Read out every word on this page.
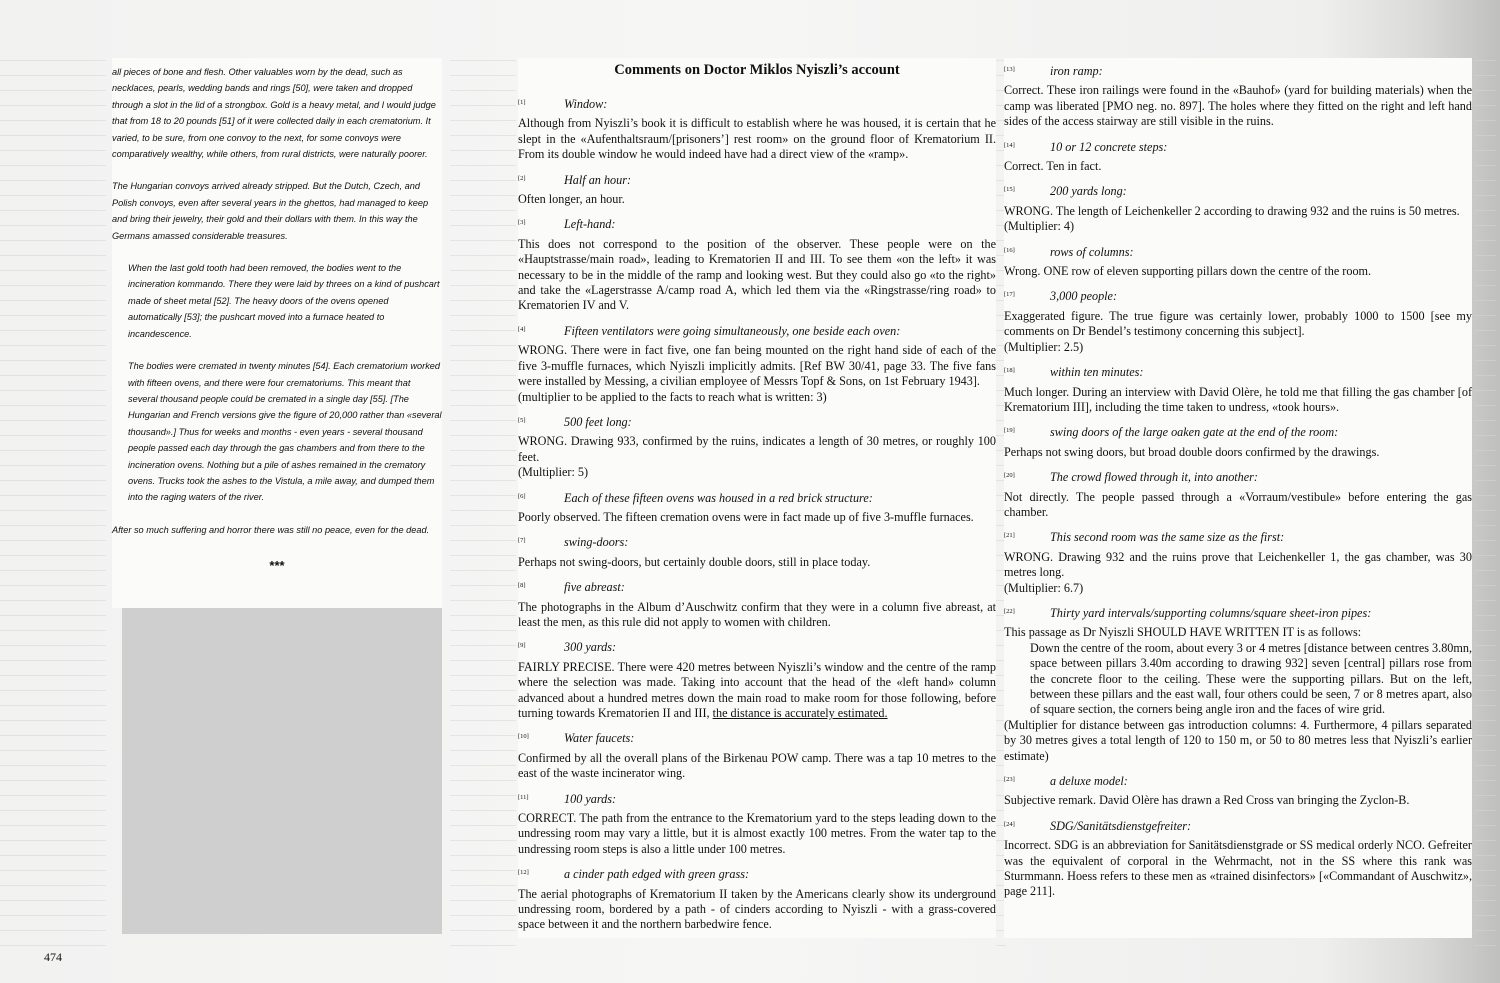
all pieces of bone and flesh. Other valuables worn by the dead, such as necklaces, pearls, wedding bands and rings [50], were taken and dropped through a slot in the lid of a strongbox. Gold is a heavy metal, and I would judge that from 18 to 20 pounds [51] of it were collected daily in each crematorium. It varied, to be sure, from one convoy to the next, for some convoys were comparatively wealthy, while others, from rural districts, were naturally poorer.

The Hungarian convoys arrived already stripped. But the Dutch, Czech, and Polish convoys, even after several years in the ghettos, had managed to keep and bring their jewelry, their gold and their dollars with them. In this way the Germans amassed considerable treasures.

When the last gold tooth had been removed, the bodies went to the incineration kommando. There they were laid by threes on a kind of pushcart made of sheet metal [52]. The heavy doors of the ovens opened automatically [53]; the pushcart moved into a furnace heated to incandescence.

The bodies were cremated in twenty minutes [54]. Each crematorium worked with fifteen ovens, and there were four crematoriums. This meant that several thousand people could be cremated in a single day [55]. [The Hungarian and French versions give the figure of 20,000 rather than «several thousand».] Thus for weeks and months - even years - several thousand people passed each day through the gas chambers and from there to the incineration ovens. Nothing but a pile of ashes remained in the crematory ovens. Trucks took the ashes to the Vistula, a mile away, and dumped them into the raging waters of the river.

After so much suffering and horror there was still no peace, even for the dead.

***
Comments on Doctor Miklos Nyiszli’s account
[1]	Window:

Although from Nyiszli’s book it is difficult to establish where he was housed, it is certain that he slept in the «Aufenthaltsraum/[prisoners’] rest room» on the ground floor of Krematorium II. From its double window he would indeed have had a direct view of the «ramp».

[2]	Half an hour:

Often longer, an hour.

[3]	Left-hand:

This does not correspond to the position of the observer. These people were on the «Hauptstrasse/main road», leading to Krematorien II and III. To see them «on the left» it was necessary to be in the middle of the ramp and looking west. But they could also go «to the right» and take the «Lagerstrasse A/camp road A, which led them via the «Ringstrasse/ring road» to Krematorien IV and V.

[4]	Fifteen ventilators were going simultaneously, one beside each oven:

WRONG. There were in fact five, one fan being mounted on the right hand side of each of the five 3-muffle furnaces, which Nyiszli implicitly admits. [Ref BW 30/41, page 33. The five fans were installed by Messing, a civilian employee of Messrs Topf & Sons, on 1st February 1943].

(multiplier to be applied to the facts to reach what is written: 3)

[5]	500 feet long:

WRONG. Drawing 933, confirmed by the ruins, indicates a length of 30 metres, or roughly 100 feet.

(Multiplier: 5)

[6]	Each of these fifteen ovens was housed in a red brick structure:

Poorly observed. The fifteen cremation ovens were in fact made up of five 3-muffle furnaces.

[7]	swing-doors:

Perhaps not swing-doors, but certainly double doors, still in place today.

[8]	five abreast:

The photographs in the Album d’Auschwitz confirm that they were in a column five abreast, at least the men, as this rule did not apply to women with children.

[9]	300 yards:

FAIRLY PRECISE. There were 420 metres between Nyiszli’s window and the centre of the ramp where the selection was made. Taking into account that the head of the «left hand» column advanced about a hundred metres down the main road to make room for those following, before turning towards Krematorien II and III, the distance is accurately estimated.

[10]	Water faucets:

Confirmed by all the overall plans of the Birkenau POW camp. There was a tap 10 metres to the east of the waste incinerator wing.

[11]	100 yards:

CORRECT. The path from the entrance to the Krematorium yard to the steps leading down to the undressing room may vary a little, but it is almost exactly 100 metres. From the water tap to the undressing room steps is also a little under 100 metres.

[12]	a cinder path edged with green grass:

The aerial photographs of Krematorium II taken by the Americans clearly show its underground undressing room, bordered by a path - of cinders according to Nyiszli - with a grass-covered space between it and the northern barbedwire fence.

[13]	iron ramp:

Correct. These iron railings were found in the «Bauhof» (yard for building materials) when the camp was liberated [PMO neg. no. 897]. The holes where they fitted on the right and left hand sides of the access stairway are still visible in the ruins.

[14]	10 or 12 concrete steps:

Correct. Ten in fact.

[15]	200 yards long:

WRONG. The length of Leichenkeller 2 according to drawing 932 and the ruins is 50 metres.

(Multiplier: 4)

[16]	rows of columns:

Wrong. ONE row of eleven supporting pillars down the centre of the room.

[17]	3,000 people:

Exaggerated figure. The true figure was certainly lower, probably 1000 to 1500 [see my comments on Dr Bendel’s testimony concerning this subject].

(Multiplier: 2.5)

[18]	within ten minutes:

Much longer. During an interview with David Olère, he told me that filling the gas chamber [of Krematorium III], including the time taken to undress, «took hours».

[19]	swing doors of the large oaken gate at the end of the room:

Perhaps not swing doors, but broad double doors confirmed by the drawings.

[20]	The crowd flowed through it, into another:

Not directly. The people passed through a «Vorraum/vestibule» before entering the gas chamber.

[21]	This second room was the same size as the first:

WRONG. Drawing 932 and the ruins prove that Leichenkeller 1, the gas chamber, was 30 metres long.

(Multiplier: 6.7)

[22]	Thirty yard intervals/supporting columns/square sheet-iron pipes:

This passage as Dr Nyiszli SHOULD HAVE WRITTEN IT is as follows:

Down the centre of the room, about every 3 or 4 metres [distance between centres 3.80mn, space between pillars 3.40m according to drawing 932] seven [central] pillars rose from the concrete floor to the ceiling. These were the supporting pillars. But on the left, between these pillars and the east wall, four others could be seen, 7 or 8 metres apart, also of square section, the corners being angle iron and the faces of wire grid.

(Multiplier for distance between gas introduction columns: 4. Furthermore, 4 pillars separated by 30 metres gives a total length of 120 to 150 m, or 50 to 80 metres less that Nyiszli’s earlier estimate)

[23]	a deluxe model:

Subjective remark. David Olère has drawn a Red Cross van bringing the Zyclon-B.

[24]	SDG/Sanitätsdienstgefreiter:

Incorrect. SDG is an abbreviation for Sanitätsdienstgrade or SS medical orderly NCO. Gefreiter was the equivalent of corporal in the Wehrmacht, not in the SS where this rank was Sturmmann. Hoess refers to these men as «trained disinfectors» [«Commandant of Auschwitz», page 211].

474
